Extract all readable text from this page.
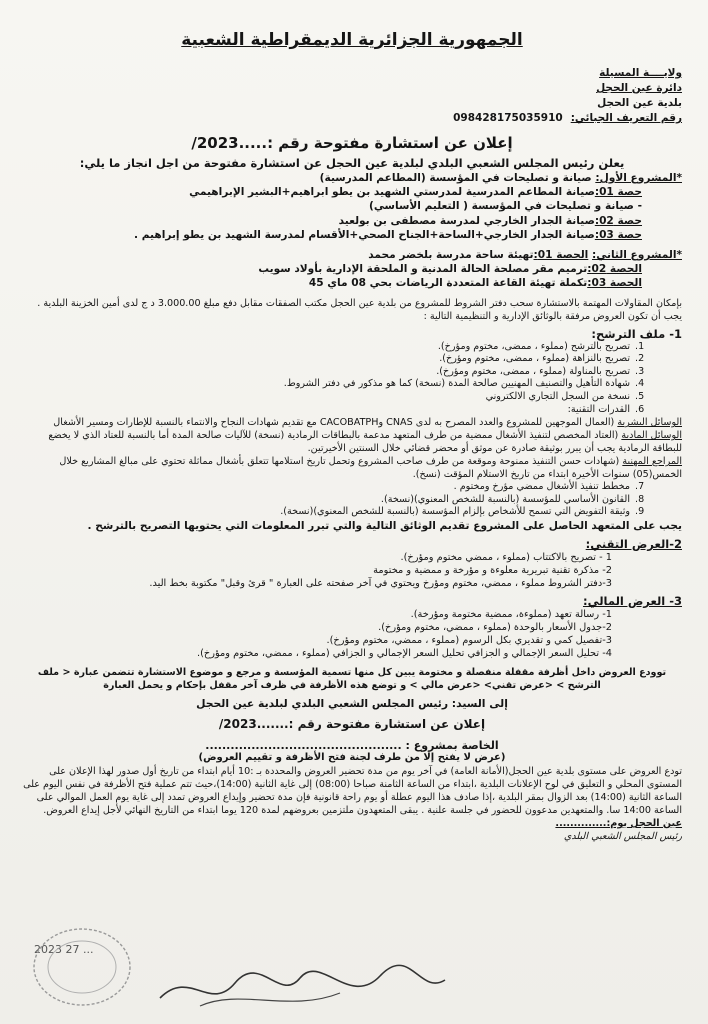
الجمهورية الجزائرية الديمقراطية الشعبية
ولايــــة المسيلة
دائرة عين الحجل
بلدية عين الحجل
رقم التعريف الجبائي:
098428175035910
إعلان عن استشارة مفتوحة رقم :.....2023/
يعلن رئيس المجلس الشعبي البلدي لبلدية عين الحجل عن استشارة مفتوحة من اجل انجاز ما يلي:
*المشروع الأول: صيانة و تصليحات في المؤسسة (المطاعم المدرسية)
حصة 01:صيانة المطاعم المدرسية لمدرستي الشهيد بن يطو ابراهيم+البشير الإبراهيمي
- صيانة و تصليحات في المؤسسة ( التعليم الأساسي)
حصة 02:صيانة الجدار الخارجي لمدرسة مصطفى بن بولعيد
حصة 03:صيانة الجدار الخارجي+الساحة+الجناح الصحي+الأقسام لمدرسة الشهيد بن يطو إبراهيم .
*المشروع الثاني: الحصة 01:تهيئة ساحة مدرسة بلخضر محمد
الحصة 02:ترميم مقر مصلحة الحالة المدنية و الملحقة الإدارية بأولاد سويب
الحصة 03:تكملة تهيئة القاعة المتعددة الرياضات بحي 08 ماي 45
بإمكان المقاولات المهتمة بالاستشارة سحب دفتر الشروط للمشروع من بلدية عين الحجل مكتب الصفقات مقابل دفع مبلغ 3.000.00 د ج لدى أمين الخزينة البلدية . يجب أن تكون العروض مرفقة بالوثائق الإدارية و التنظيمية التالية :
1- ملف الترشح:
1. تصريح بالترشح (مملوء ، ممضى، مختوم ومؤرخ).
2. تصريح بالنزاهة (مملوء ، ممضى، مختوم ومؤرخ).
3. تصريح بالمناولة (مملوء ، ممضى، مختوم ومؤرخ).
4. شهادة التأهيل والتصنيف المهنيين صالحة المدة (نسخة) كما هو مذكور في دفتر الشروط.
5. نسخة من السجل التجاري الالكتروني
6. القدرات التقنية:
الوسائل البشرية (العمال الموجهين للمشروع والعدد المصرح به لدى CNAS وCACOBATPH مع تقديم شهادات النجاح والانتماء بالنسبة للإطارات ومسير الأشغال
الوسائل المادية (العتاد المخصص لتنفيذ الأشغال ممضية من طرف المتعهد مدعمة بالبطاقات الرمادية (نسخة) للآليات صالحة المدة أما بالنسبة للعتاد الذي لا يخضع للبطاقة الرمادية يجب أن يبرر بوثيقة صادرة عن موثق أو محضر قضائي خلال السنتين الأخيرتين.
المراجع المهنية (شهادات حسن التنفيذ ممنوحة وموقعة من طرف صاحب المشروع وتحمل تاريخ استلامها تتعلق بأشغال مماثلة تحتوي على مبالغ المشاريع خلال الخمس(05) سنوات الأخيرة ابتداء من تاريخ الاستلام المؤقت (نسخ).
7. مخطط تنفيذ الأشغال ممضي مؤرخ ومختوم .
8. القانون الأساسي للمؤسسة (بالنسبة للشخص المعنوي)(نسخة).
9. وثيقة التفويض التي تسمح للأشخاص بإلزام المؤسسة (بالنسبة للشخص المعنوي)(نسخة).
يجب على المتعهد الحاصل على المشروع تقديم الوثائق التالية والتي تبرر المعلومات التي يحتويها التصريح بالترشح .
2-العرض التقني:
1 - تصريح بالاكتتاب (مملوء ، ممضي مختوم ومؤرخ).
2- مذكرة تقنية تبريرية معلوءة و مؤرخة و ممضية و مختومة
3-دفتر الشروط مملوء ، ممضي، مختوم ومؤرخ ويحتوي في آخر صفحته على العبارة " قرئ وقبل" مكتوبة بخط اليد.
3- العرض المالي:
1- رسالة تعهد (مملوءة، ممضية مختومة ومؤرخة).
2-جدول الأسعار بالوحدة (مملوء ، ممضي، مختوم ومؤرخ).
3-تفصيل كمي و تقديري بكل الرسوم (مملوء ، ممضي، مختوم ومؤرخ).
4- تحليل السعر الإجمالي و الجزافي تحليل السعر الإجمالي و الجزافي (مملوء ، ممضي، مختوم ومؤرخ).
توودع العروض داخل أظرفة مقفلة منفصلة و مختومة يبين كل منها تسمية المؤسسة و مرجع و موضوع الاستشارة تتضمن عبارة < ملف الترشح > <عرض تقني> <عرض مالي > و توضع هذه الأظرفة في ظرف آخر مقفل بإحكام و يحمل العبارة
إلى السيد: رئيس المجلس الشعبي البلدي لبلدية عين الحجل
إعلان عن استشارة مفتوحة رقم :.......2023/
الخاصة بمشروع : ...............................................
(عرض لا يفتح إلا من طرف لجنة فتح الأظرفة و تقييم العروض)
تودع العروض على مستوى بلدية عين الحجل(الأمانة العامة) في آخر يوم من مدة تحضير العروض والمحددة بـ :10 أيام ابتداء من تاريخ أول صدور لهذا الإعلان على المستوى المحلي و التعليق في لوح الإعلانات البلدية ،ابتداء من الساعة الثامنة صباحا (08:00) إلى غاية الثانية (14:00)،حيث تتم عملية فتح الأظرفة في نفس اليوم على الساعة الثانية (14:00) بعد الزوال بمقر البلدية ،إذا صادف هذا اليوم عطلة أو يوم راحة قانونية فإن مدة تحضير وإيداع العروض تمدد إلى غاية يوم العمل الموالي على الساعة 14:00 سا. والمتعهدين مدعوون للحضور في جلسة علنية . يبقى المتعهدون ملتزمين بعروضهم لمدة 120 يوما ابتداء من التاريخ النهائي لأجل إيداع العروض.
عين الحجل يوم:..............
رئيس المجلس الشعبي البلدي
2023 27 ...
